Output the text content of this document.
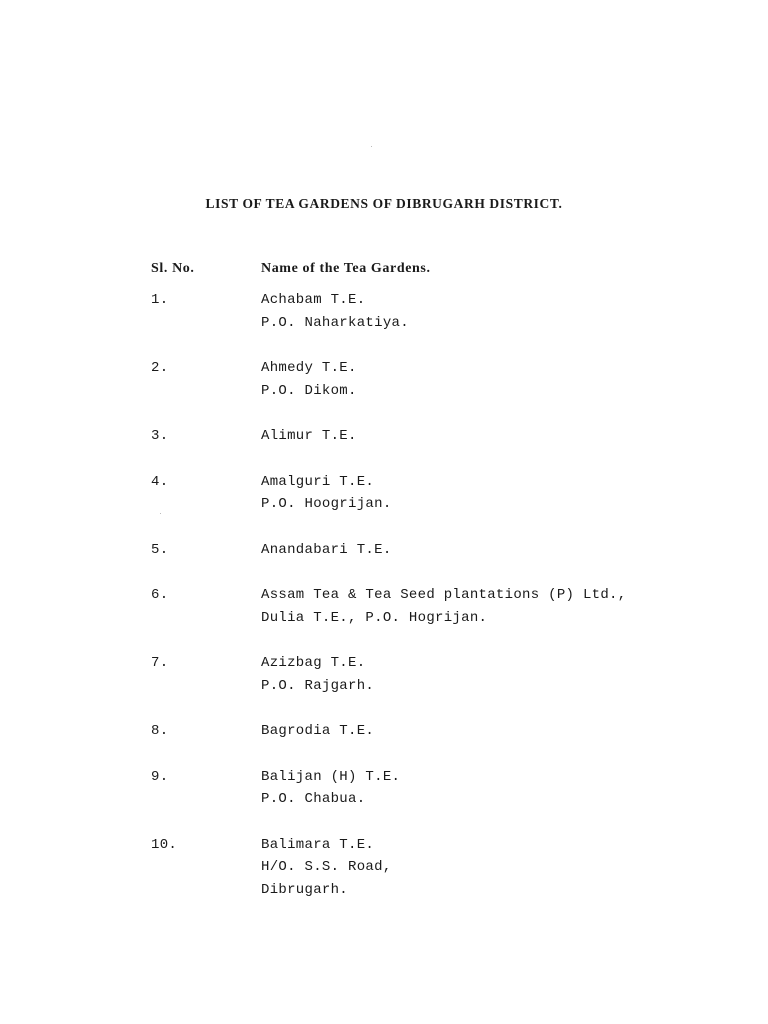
LIST OF TEA GARDENS OF DIBRUGARH DISTRICT.
Sl. No.	Name of the Tea Gardens.
1.	Achabam T.E.
P.O. Naharkatiya.
2.	Ahmedy T.E.
P.O. Dikom.
3.	Alimur T.E.
4.	Amalguri T.E.
P.O. Hoogrijan.
5.	Anandabari T.E.
6.	Assam Tea & Tea Seed plantations (P) Ltd.,
Dulia T.E., P.O. Hogrijan.
7.	Azizbag T.E.
P.O. Rajgarh.
8.	Bagrodia T.E.
9.	Balijan (H) T.E.
P.O. Chabua.
10.	Balimara T.E.
H/O. S.S. Road,
Dibrugarh.
